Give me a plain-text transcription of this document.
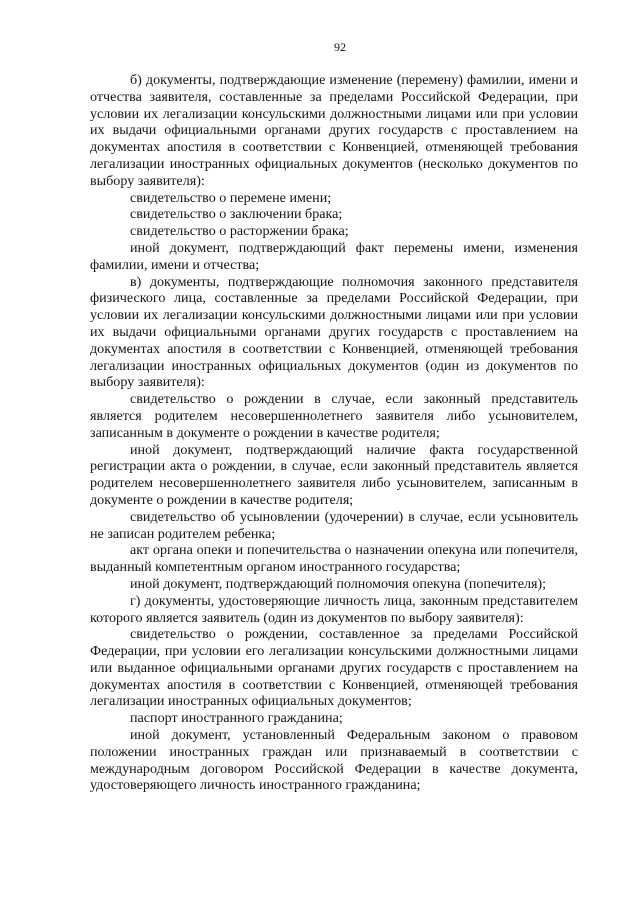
92

б) документы, подтверждающие изменение (перемену) фамилии, имени и отчества заявителя, составленные за пределами Российской Федерации, при условии их легализации консульскими должностными лицами или при условии их выдачи официальными органами других государств с проставлением на документах апостиля в соответствии с Конвенцией, отменяющей требования легализации иностранных официальных документов (несколько документов по выбору заявителя):

свидетельство о перемене имени;

свидетельство о заключении брака;

свидетельство о расторжении брака;

иной документ, подтверждающий факт перемены имени, изменения фамилии, имени и отчества;

в) документы, подтверждающие полномочия законного представителя физического лица, составленные за пределами Российской Федерации, при условии их легализации консульскими должностными лицами или при условии их выдачи официальными органами других государств с проставлением на документах апостиля в соответствии с Конвенцией, отменяющей требования легализации иностранных официальных документов (один из документов по выбору заявителя):

свидетельство о рождении в случае, если законный представитель является родителем несовершеннолетнего заявителя либо усыновителем, записанным в документе о рождении в качестве родителя;

иной документ, подтверждающий наличие факта государственной регистрации акта о рождении, в случае, если законный представитель является родителем несовершеннолетнего заявителя либо усыновителем, записанным в документе о рождении в качестве родителя;

свидетельство об усыновлении (удочерении) в случае, если усыновитель не записан родителем ребенка;

акт органа опеки и попечительства о назначении опекуна или попечителя, выданный компетентным органом иностранного государства;

иной документ, подтверждающий полномочия опекуна (попечителя);

г) документы, удостоверяющие личность лица, законным представителем которого является заявитель (один из документов по выбору заявителя):

свидетельство о рождении, составленное за пределами Российской Федерации, при условии его легализации консульскими должностными лицами или выданное официальными органами других государств с проставлением на документах апостиля в соответствии с Конвенцией, отменяющей требования легализации иностранных официальных документов;

паспорт иностранного гражданина;

иной документ, установленный Федеральным законом о правовом положении иностранных граждан или признаваемый в соответствии с международным договором Российской Федерации в качестве документа, удостоверяющего личность иностранного гражданина;
